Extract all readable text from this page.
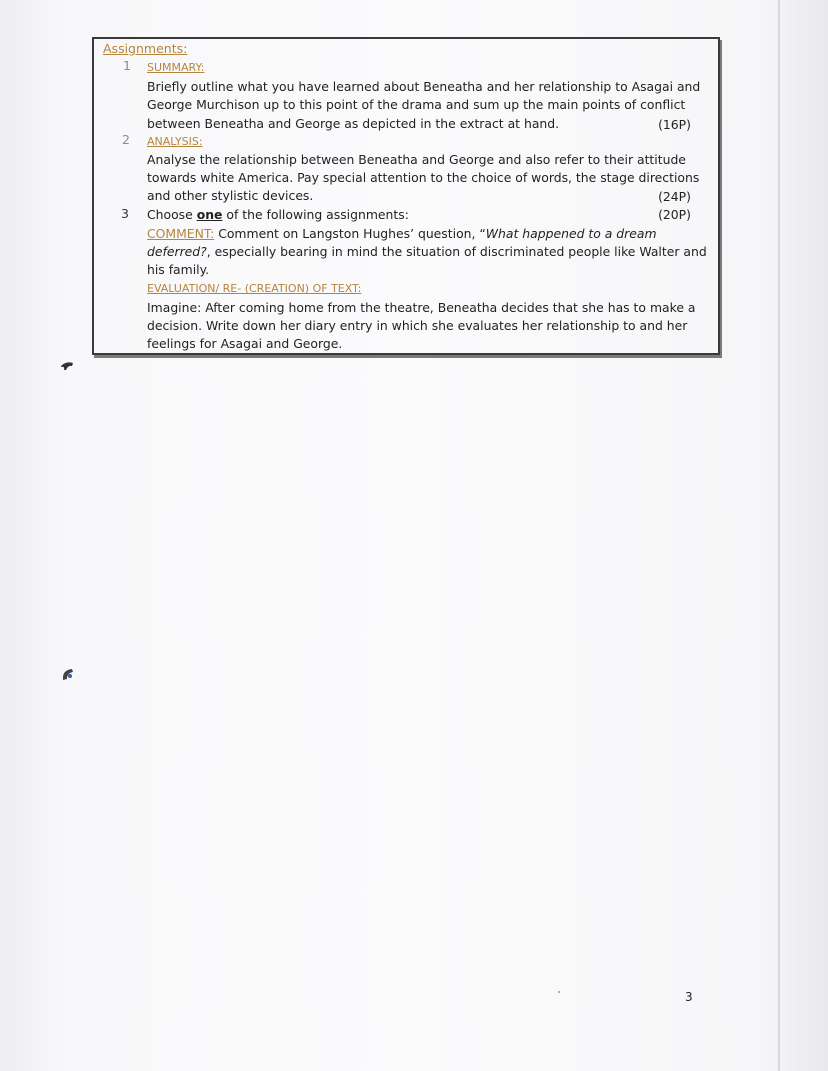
Assignments:
1 SUMMARY:
Briefly outline what you have learned about Beneatha and her relationship to Asagai and
George Murchison up to this point of the drama and sum up the main points of conflict
between Beneatha and George as depicted in the extract at hand.	(16P)
2 ANALYSIS:
Analyse the relationship between Beneatha and George and also refer to their attitude
towards white America. Pay special attention to the choice of words, the stage directions
and other stylistic devices.	(24P)
3 Choose one of the following assignments:	(20P)
COMMENT: Comment on Langston Hughes’ question, “What happened to a dream
deferred?, especially bearing in mind the situation of discriminated people like Walter and
his family.
EVALUATION/ RE- (CREATION) OF TEXT:
Imagine: After coming home from the theatre, Beneatha decides that she has to make a
decision. Write down her diary entry in which she evaluates her relationship to and her
feelings for Asagai and George.
3
